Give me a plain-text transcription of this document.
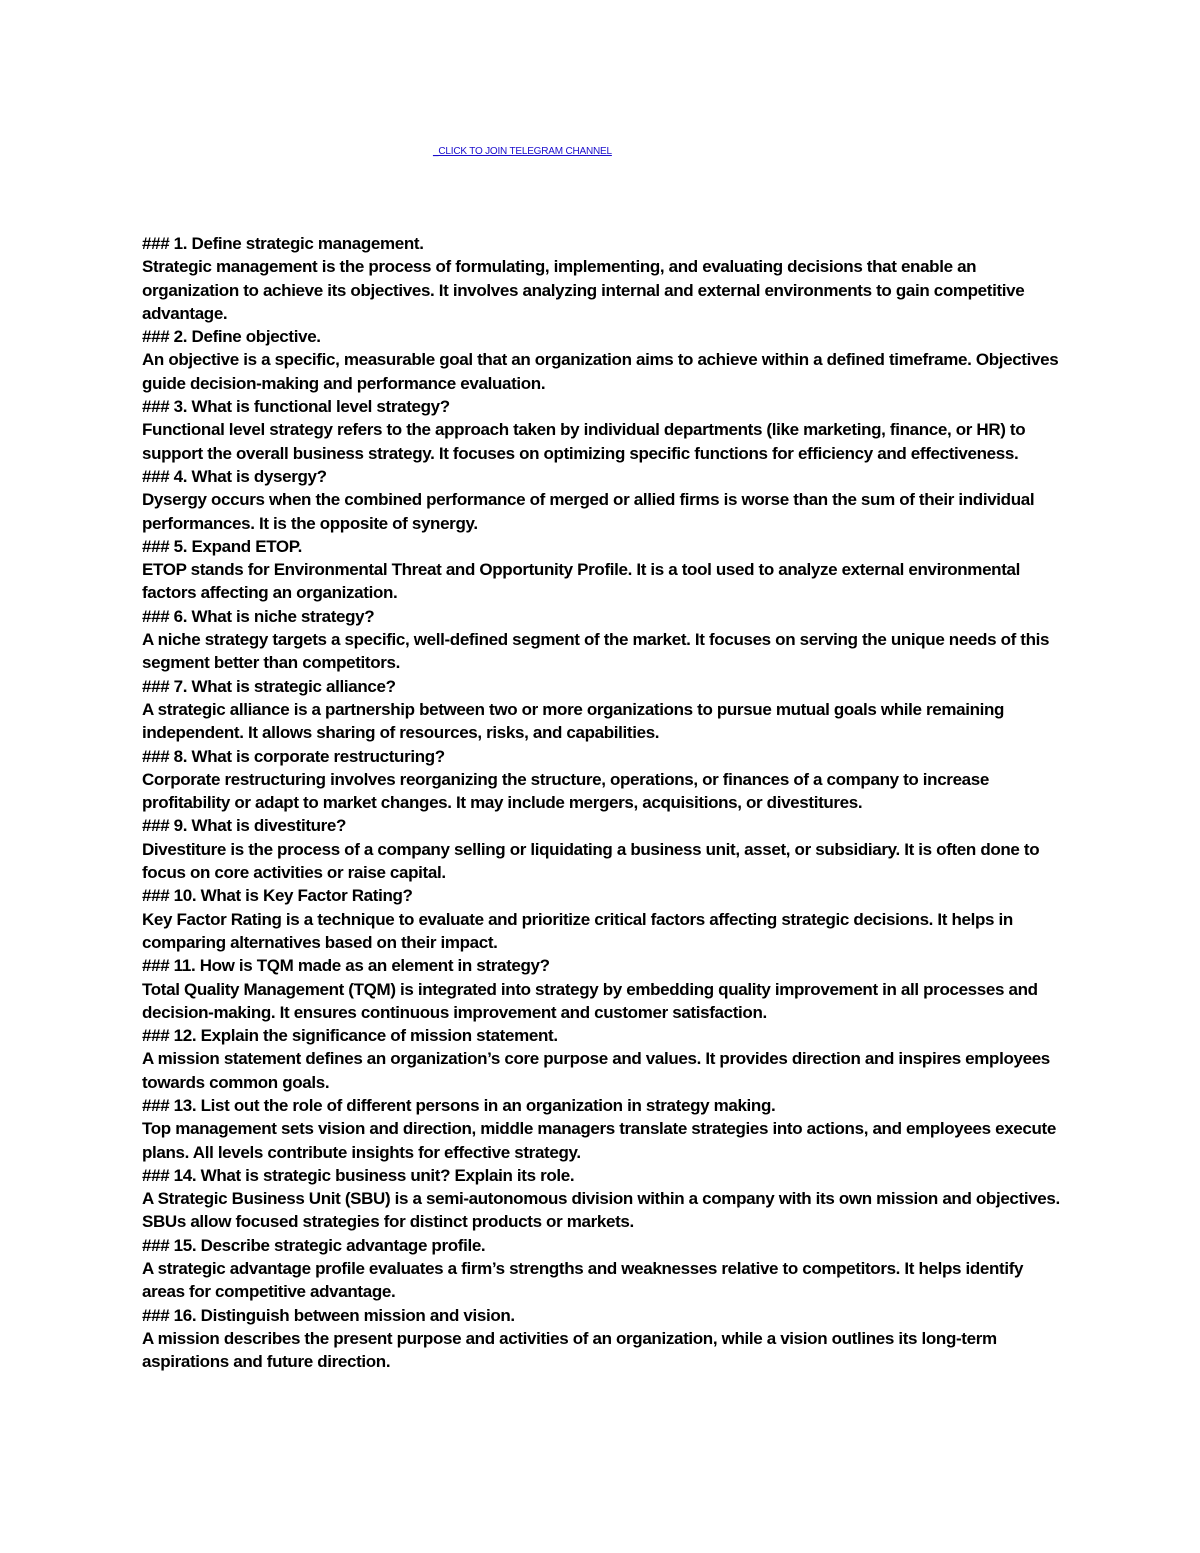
_CLICK TO JOIN TELEGRAM CHANNEL

### 1. Define strategic management.

Strategic management is the process of formulating, implementing, and evaluating decisions that enable an organization to achieve its objectives. It involves analyzing internal and external environments to gain competitive advantage.

### 2. Define objective.

An objective is a specific, measurable goal that an organization aims to achieve within a defined timeframe. Objectives guide decision-making and performance evaluation.

### 3. What is functional level strategy?

Functional level strategy refers to the approach taken by individual departments (like marketing, finance, or HR) to support the overall business strategy. It focuses on optimizing specific functions for efficiency and effectiveness.

### 4. What is dysergy?

Dysergy occurs when the combined performance of merged or allied firms is worse than the sum of their individual performances. It is the opposite of synergy.

### 5. Expand ETOP.

ETOP stands for Environmental Threat and Opportunity Profile. It is a tool used to analyze external environmental factors affecting an organization.

### 6. What is niche strategy?

A niche strategy targets a specific, well-defined segment of the market. It focuses on serving the unique needs of this segment better than competitors.

### 7. What is strategic alliance?

A strategic alliance is a partnership between two or more organizations to pursue mutual goals while remaining independent. It allows sharing of resources, risks, and capabilities.

### 8. What is corporate restructuring?

Corporate restructuring involves reorganizing the structure, operations, or finances of a company to increase profitability or adapt to market changes. It may include mergers, acquisitions, or divestitures.

### 9. What is divestiture?

Divestiture is the process of a company selling or liquidating a business unit, asset, or subsidiary. It is often done to focus on core activities or raise capital.

### 10. What is Key Factor Rating?

Key Factor Rating is a technique to evaluate and prioritize critical factors affecting strategic decisions. It helps in comparing alternatives based on their impact.

### 11. How is TQM made as an element in strategy?

Total Quality Management (TQM) is integrated into strategy by embedding quality improvement in all processes and decision-making. It ensures continuous improvement and customer satisfaction.

### 12. Explain the significance of mission statement.

A mission statement defines an organization’s core purpose and values. It provides direction and inspires employees towards common goals.

### 13. List out the role of different persons in an organization in strategy making.

Top management sets vision and direction, middle managers translate strategies into actions, and employees execute plans. All levels contribute insights for effective strategy.

### 14. What is strategic business unit? Explain its role.

A Strategic Business Unit (SBU) is a semi-autonomous division within a company with its own mission and objectives. SBUs allow focused strategies for distinct products or markets.

### 15. Describe strategic advantage profile.

A strategic advantage profile evaluates a firm’s strengths and weaknesses relative to competitors. It helps identify areas for competitive advantage.

### 16. Distinguish between mission and vision.

A mission describes the present purpose and activities of an organization, while a vision outlines its long-term aspirations and future direction.
